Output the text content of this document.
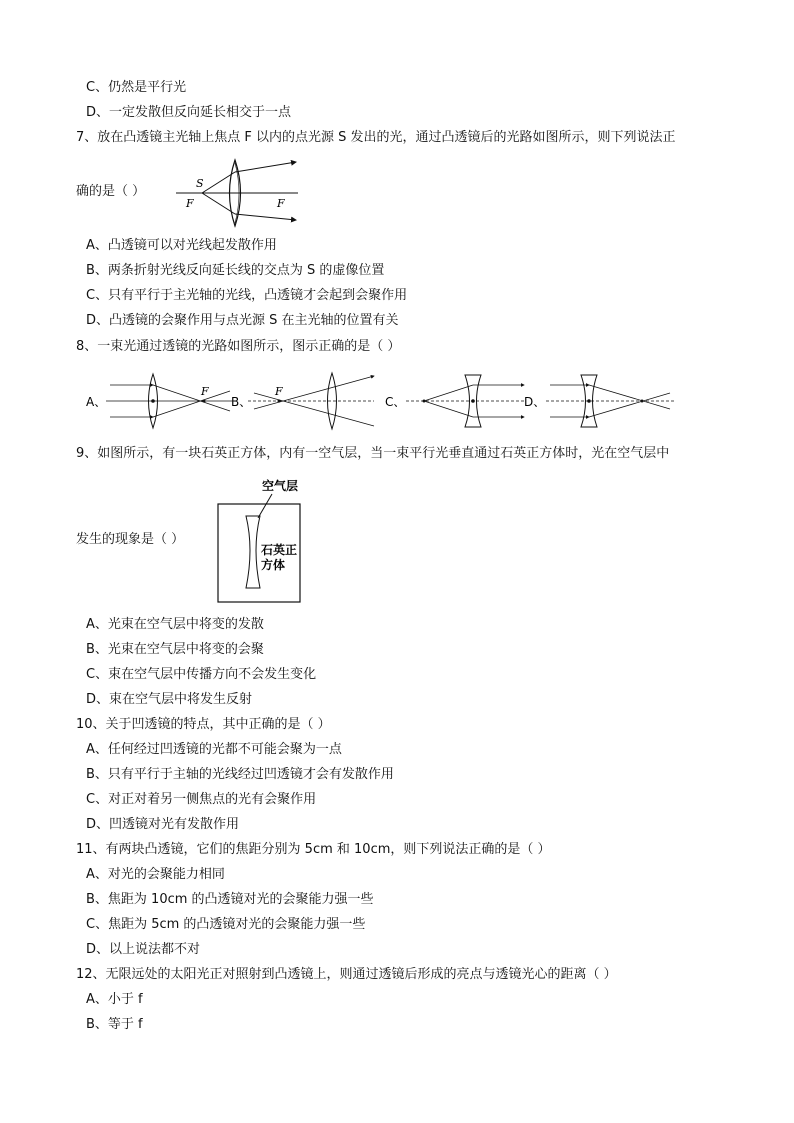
C、仍然是平行光
D、一定发散但反向延长相交于一点
7、放在凸透镜主光轴上焦点 F 以内的点光源 S 发出的光，通过凸透镜后的光路如图所示，则下列说法正
确的是（ ）
S
F	F
A、凸透镜可以对光线起发散作用
B、两条折射光线反向延长线的交点为 S 的虚像位置
C、只有平行于主光轴的光线，凸透镜才会起到会聚作用
D、凸透镜的会聚作用与点光源 S 在主光轴的位置有关
8、一束光通过透镜的光路如图所示，图示正确的是（ ）
A、	B、	C、	D、
F	F
9、如图所示，有一块石英正方体，内有一空气层，当一束平行光垂直通过石英正方体时，光在空气层中
空气层
石英正
方体
发生的现象是（ ）
A、光束在空气层中将变的发散
B、光束在空气层中将变的会聚
C、束在空气层中传播方向不会发生变化
D、束在空气层中将发生反射
10、关于凹透镜的特点，其中正确的是（ ）
A、任何经过凹透镜的光都不可能会聚为一点
B、只有平行于主轴的光线经过凹透镜才会有发散作用
C、对正对着另一侧焦点的光有会聚作用
D、凹透镜对光有发散作用
11、有两块凸透镜，它们的焦距分别为 5cm 和 10cm，则下列说法正确的是（ ）
A、对光的会聚能力相同
B、焦距为 10cm 的凸透镜对光的会聚能力强一些
C、焦距为 5cm 的凸透镜对光的会聚能力强一些
D、以上说法都不对
12、无限远处的太阳光正对照射到凸透镜上，则通过透镜后形成的亮点与透镜光心的距离（ ）
A、小于 f
B、等于 f
